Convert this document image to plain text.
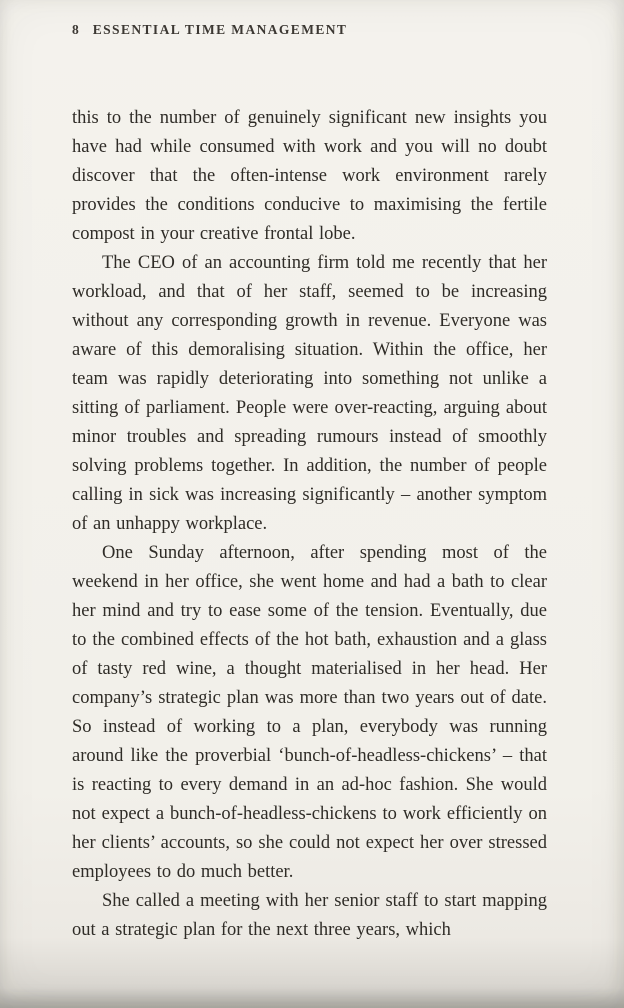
8 ESSENTIAL TIME MANAGEMENT

this to the number of genuinely significant new insights you have had while consumed with work and you will no doubt discover that the often-intense work environment rarely provides the conditions conducive to maximising the fertile compost in your creative frontal lobe.

The CEO of an accounting firm told me recently that her workload, and that of her staff, seemed to be increasing without any corresponding growth in revenue. Everyone was aware of this demoralising situation. Within the office, her team was rapidly deteriorating into something not unlike a sitting of parliament. People were over-reacting, arguing about minor troubles and spreading rumours instead of smoothly solving problems together. In addition, the number of people calling in sick was increasing significantly – another symptom of an unhappy workplace.

One Sunday afternoon, after spending most of the weekend in her office, she went home and had a bath to clear her mind and try to ease some of the tension. Eventually, due to the combined effects of the hot bath, exhaustion and a glass of tasty red wine, a thought materialised in her head. Her company’s strategic plan was more than two years out of date. So instead of working to a plan, everybody was running around like the proverbial ‘bunch-of-headless-chickens’ – that is reacting to every demand in an ad-hoc fashion. She would not expect a bunch-of-headless-chickens to work efficiently on her clients’ accounts, so she could not expect her over stressed employees to do much better.

She called a meeting with her senior staff to start mapping out a strategic plan for the next three years, which
